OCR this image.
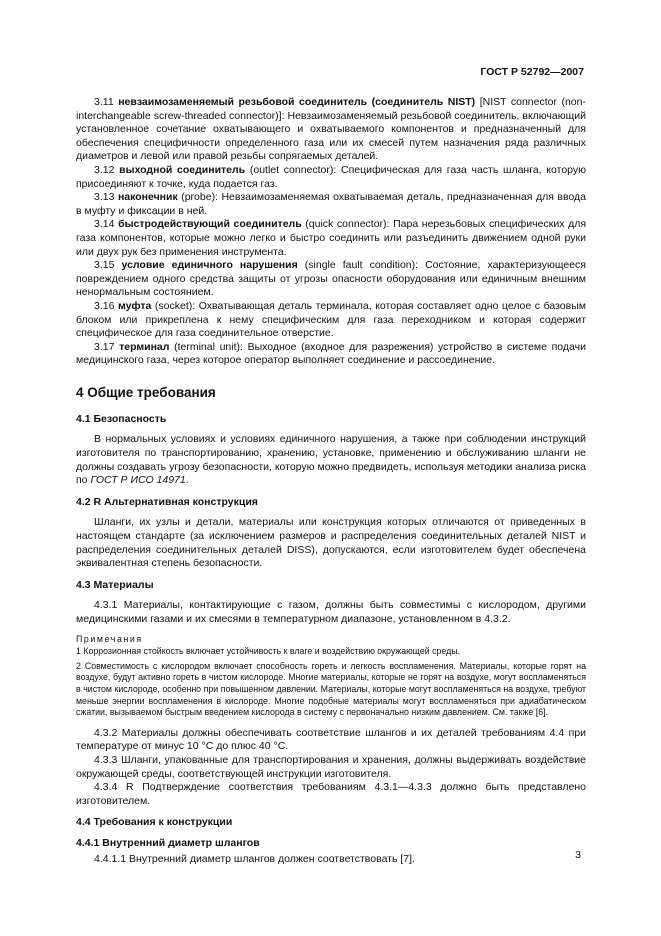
ГОСТ Р 52792—2007

3.11 невзаимозаменяемый резьбовой соединитель (соединитель NIST) [NIST connector (non-interchangeable screw-threaded connector)]: Невзаимозаменяемый резьбовой соединитель, включающий установленное сочетание охватывающего и охватываемого компонентов и предназначенный для обеспечения специфичности определенного газа или их смесей путем назначения ряда различных диаметров и левой или правой резьбы сопрягаемых деталей.

3.12 выходной соединитель (outlet connector): Специфическая для газа часть шланга, которую присоединяют к точке, куда подается газ.

3.13 наконечник (probe): Невзаимозаменяемая охватываемая деталь, предназначенная для ввода в муфту и фиксации в ней.

3.14 быстродействующий соединитель (quick connector): Пара нерезьбовых специфических для газа компонентов, которые можно легко и быстро соединить или разъединить движением одной руки или двух рук без применения инструмента.

3.15 условие единичного нарушения (single fault condition): Состояние, характеризующееся повреждением одного средства защиты от угрозы опасности оборудования или единичным внешним ненормальным состоянием.

3.16 муфта (socket): Охватывающая деталь терминала, которая составляет одно целое с базовым блоком или прикреплена к нему специфическим для газа переходником и которая содержит специфическое для газа соединительное отверстие.

3.17 терминал (terminal unit): Выходное (входное для разрежения) устройство в системе подачи медицинского газа, через которое оператор выполняет соединение и рассоединение.

4 Общие требования
4.1 Безопасность

В нормальных условиях и условиях единичного нарушения, а также при соблюдении инструкций изготовителя по транспортированию, хранению, установке, применению и обслуживанию шланги не должны создавать угрозу безопасности, которую можно предвидеть, используя методики анализа риска по ГОСТ Р ИСО 14971.

4.2 R Альтернативная конструкция

Шланги, их узлы и детали, материалы или конструкция которых отличаются от приведенных в настоящем стандарте (за исключением размеров и распределения соединительных деталей NIST и распределения соединительных деталей DISS), допускаются, если изготовителем будет обеспечена эквивалентная степень безопасности.

4.3 Материалы

4.3.1 Материалы, контактирующие с газом, должны быть совместимы с кислородом, другими медицинскими газами и их смесями в температурном диапазоне, установленном в 4.3.2.

Примечания

1 Коррозионная стойкость включает устойчивость к влаге и воздействию окружающей среды.

2 Совместимость с кислородом включает способность гореть и легкость воспламенения. Материалы, которые горят на воздухе, будут активно гореть в чистом кислороде. Многие материалы, которые не горят на воздухе, могут воспламеняться в чистом кислороде, особенно при повышенном давлении. Материалы, которые могут воспламеняться на воздухе, требуют меньше энергии воспламенения в кислороде. Многие подобные материалы могут воспламеняться при адиабатическом сжатии, вызываемом быстрым введением кислорода в систему с первоначально низким давлением. См. также [6].

4.3.2 Материалы должны обеспечивать соответствие шлангов и их деталей требованиям 4.4 при температуре от минус 10 °С до плюс 40 °С.

4.3.3 Шланги, упакованные для транспортирования и хранения, должны выдерживать воздействие окружающей среды, соответствующей инструкции изготовителя.

4.3.4 R Подтверждение соответствия требованиям 4.3.1—4.3.3 должно быть представлено изготовителем.

4.4 Требования к конструкции
4.4.1 Внутренний диаметр шлангов

4.4.1.1 Внутренний диаметр шлангов должен соответствовать [7].	3
